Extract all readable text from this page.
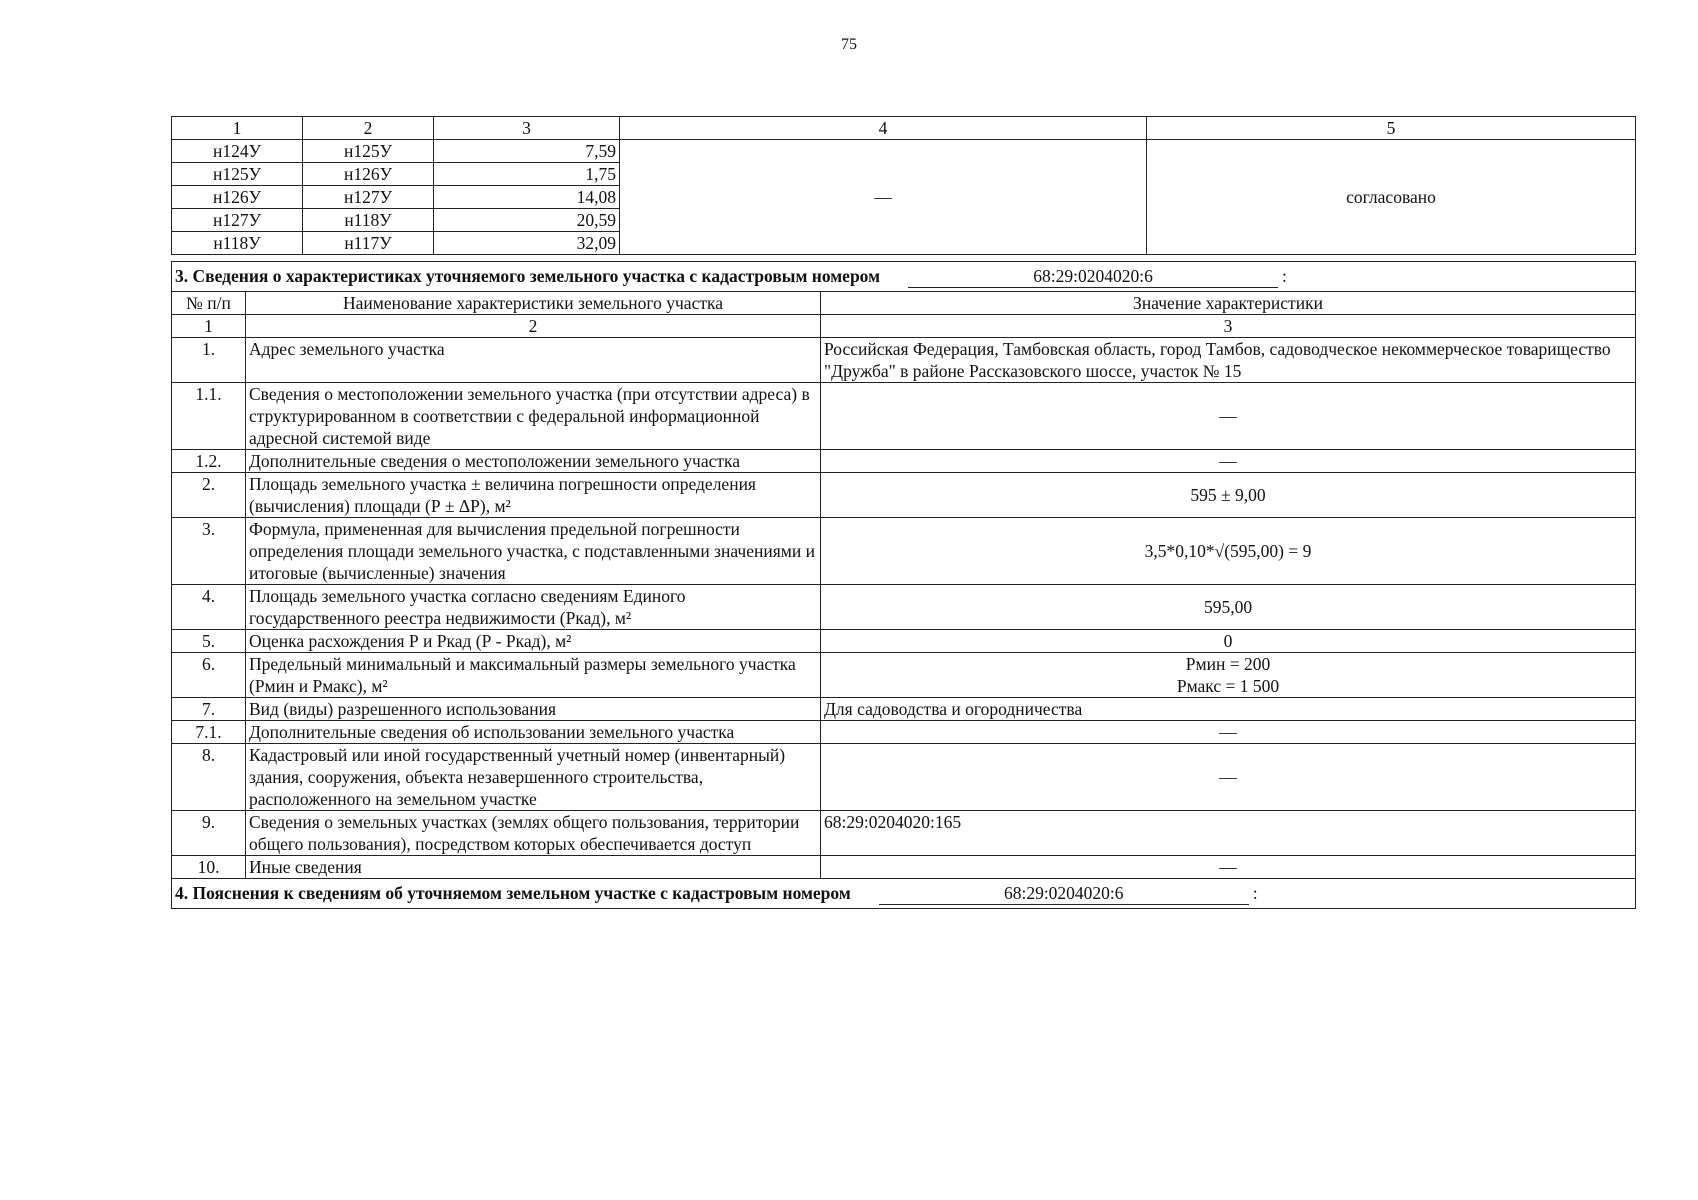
75
1	2	3	4	5
н124У	н125У	7,59	—	согласовано
н125У	н126У	1,75		
н126У	н127У	14,08		
н127У	н118У	20,59		
н118У	н117У	32,09		
3. Сведения о характеристиках уточняемого земельного участка с кадастровым номером 68:29:0204020:6 :		
№ п/п	Наименование характеристики земельного участка	Значение характеристики
1	2	3
1.	Адрес земельного участка	Российская Федерация, Тамбовская область, город Тамбов, садоводческое некоммерческое товарищество "Дружба" в районе Рассказовского шоссе, участок № 15
1.1.	Сведения о местоположении земельного участка (при отсутствии адреса) в структурированном в соответствии с федеральной информационной адресной системой виде	—
1.2.	Дополнительные сведения о местоположении земельного участка	—
2.	Площадь земельного участка ± величина погрешности определения (вычисления) площади (Р ± ΔР), м²	595 ± 9,00
3.	Формула, примененная для вычисления предельной погрешности определения площади земельного участка, с подставленными значениями и итоговые (вычисленные) значения	3,5*0,10*√(595,00) = 9
4.	Площадь земельного участка согласно сведениям Единого государственного реестра недвижимости (Ркад), м²	595,00
5.	Оценка расхождения Р и Ркад (Р - Ркад), м²	0
6.	Предельный минимальный и максимальный размеры земельного участка (Рмин и Рмакс), м²	Рмин = 200
Рмакс = 1 500

7.	Вид (виды) разрешенного использования	Для садоводства и огородничества
7.1.	Дополнительные сведения об использовании земельного участка	—
8.	Кадастровый или иной государственный учетный номер (инвентарный) здания, сооружения, объекта незавершенного строительства, расположенного на земельном участке	—
9.	Сведения о земельных участках (землях общего пользования, территории общего пользования), посредством которых обеспечивается доступ	68:29:0204020:165
10.	Иные сведения	—
4. Пояснения к сведениям об уточняемом земельном участке с кадастровым номером 68:29:0204020:6 :		
